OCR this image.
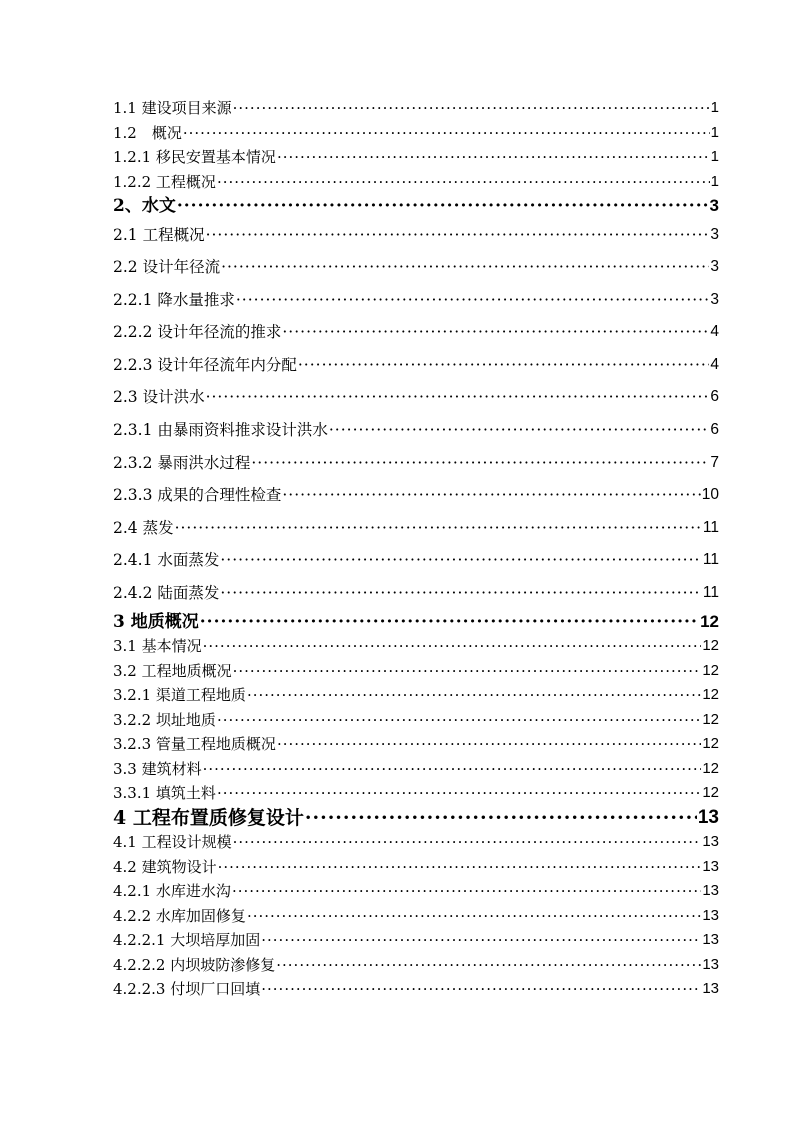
1.1 建设项目来源 ·····	1
1.2　概况 ·····	1
1.2.1 移民安置基本情况 ·····	1
1.2.2 工程概况 ·····	1
2、水文 ·····	3
2.1 工程概况 ·····	3
2.2 设计年径流 ·····	3
2.2.1 降水量推求 ·····	3
2.2.2 设计年径流的推求 ·····	4
2.2.3 设计年径流年内分配 ·····	4
2.3 设计洪水 ·····	6
2.3.1 由暴雨资料推求设计洪水 ·····	6
2.3.2 暴雨洪水过程 ·····	7
2.3.3 成果的合理性检查 ·····	10
2.4 蒸发 ·····	11
2.4.1 水面蒸发 ·····	11
2.4.2 陆面蒸发 ·····	11
3 地质概况 ·····	12
3.1 基本情况 ·····	12
3.2 工程地质概况 ·····	12
3.2.1 渠道工程地质 ·····	12
3.2.2 坝址地质 ·····	12
3.2.3 管量工程地质概况 ·····	12
3.3 建筑材料 ·····	12
3.3.1 填筑土料 ·····	12
4 工程布置质修复设计 ·····	13
4.1 工程设计规模 ·····	13
4.2 建筑物设计 ·····	13
4.2.1 水库进水沟 ·····	13
4.2.2 水库加固修复 ·····	13
4.2.2.1 大坝培厚加固 ·····	13
4.2.2.2 内坝坡防渗修复 ·····	13
4.2.2.3 付坝厂口回填 ·····	13
